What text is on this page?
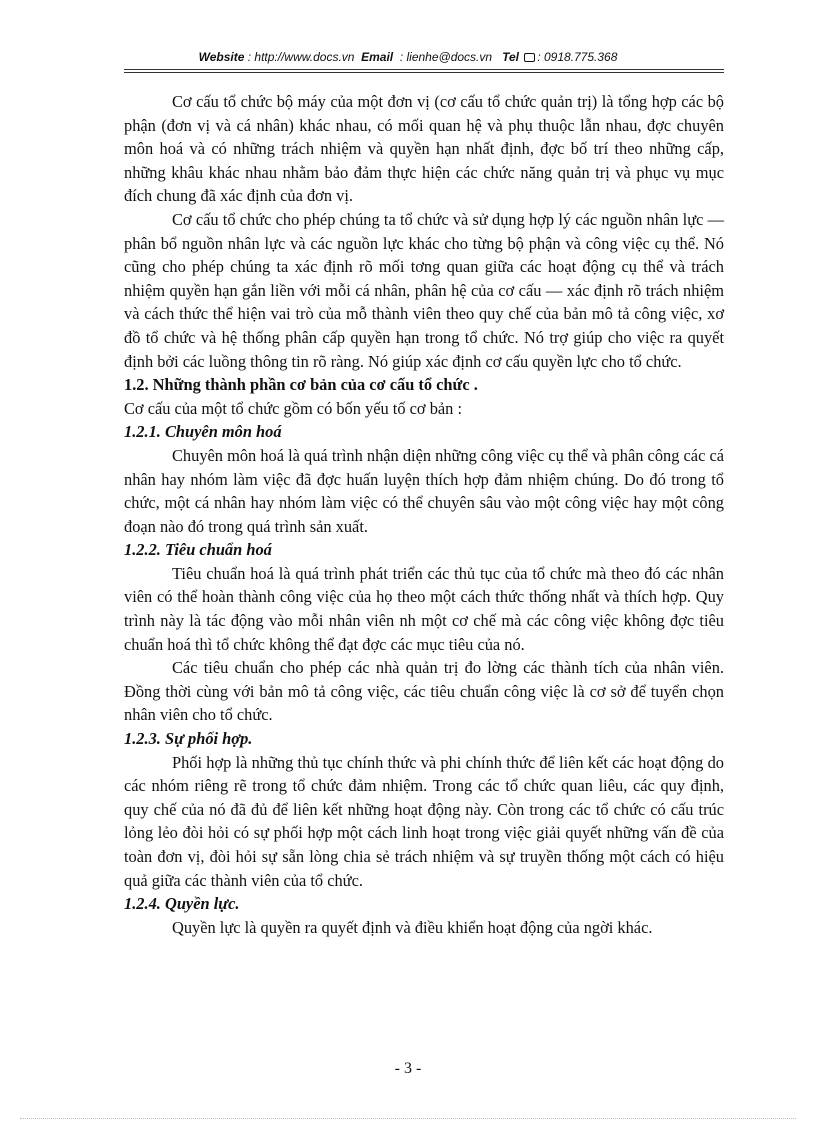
Website : http://www.docs.vn Email : lienhe@docs.vn Tel : 0918.775.368

Cơ cấu tổ chức bộ máy của một đơn vị (cơ cấu tổ chức quản trị) là tổng hợp các bộ phận (đơn vị và cá nhân) khác nhau, có mối quan hệ và phụ thuộc lẫn nhau, đợc chuyên môn hoá và có những trách nhiệm và quyền hạn nhất định, đợc bố trí theo những cấp, những khâu khác nhau nhằm bảo đảm thực hiện các chức năng quản trị và phục vụ mục đích chung đã xác định của đơn vị.

Cơ cấu tổ chức cho phép chúng ta tổ chức và sử dụng hợp lý các nguồn nhân lực — phân bổ nguồn nhân lực và các nguồn lực khác cho từng bộ phận và công việc cụ thể. Nó cũng cho phép chúng ta xác định rõ mối tơng quan giữa các hoạt động cụ thể và trách nhiệm quyền hạn gắn liền với mỗi cá nhân, phân hệ của cơ cấu — xác định rõ trách nhiệm và cách thức thể hiện vai trò của mỗ thành viên theo quy chế của bản mô tả công việc, xơ đồ tổ chức và hệ thống phân cấp quyền hạn trong tổ chức. Nó trợ giúp cho việc ra quyết định bởi các luồng thông tin rõ ràng. Nó giúp xác định cơ cấu quyền lực cho tổ chức.

1.2. Những thành phần cơ bản của cơ cấu tổ chức .

Cơ cấu của một tổ chức gồm có bốn yếu tố cơ bản :

1.2.1. Chuyên môn hoá

Chuyên môn hoá là quá trình nhận diện những công việc cụ thể và phân công các cá nhân hay nhóm làm việc đã đợc huấn luyện thích hợp đảm nhiệm chúng. Do đó trong tổ chức, một cá nhân hay nhóm làm việc có thể chuyên sâu vào một công việc hay một công đoạn nào đó trong quá trình sản xuất.

1.2.2. Tiêu chuẩn hoá

Tiêu chuẩn hoá là quá trình phát triển các thủ tục của tổ chức mà theo đó các nhân viên có thể hoàn thành công việc của họ theo một cách thức thống nhất và thích hợp. Quy trình này là tác động vào mỗi nhân viên nh một cơ chế mà các công việc không đợc tiêu chuẩn hoá thì tổ chức không thể đạt đợc các mục tiêu của nó.

Các tiêu chuẩn cho phép các nhà quản trị đo lờng các thành tích của nhân viên. Đồng thời cùng với bản mô tả công việc, các tiêu chuẩn công việc là cơ sở để tuyển chọn nhân viên cho tổ chức.

1.2.3. Sự phối hợp.

Phối hợp là những thủ tục chính thức và phi chính thức để liên kết các hoạt động do các nhóm riêng rẽ trong tổ chức đảm nhiệm. Trong các tổ chức quan liêu, các quy định, quy chế của nó đã đủ để liên kết những hoạt động này. Còn trong các tổ chức có cấu trúc lỏng lẻo đòi hỏi có sự phối hợp một cách linh hoạt trong việc giải quyết những vấn đề của toàn đơn vị, đòi hỏi sự sẵn lòng chia sẻ trách nhiệm và sự truyền thống một cách có hiệu quả giữa các thành viên của tổ chức.

1.2.4. Quyền lực.

Quyền lực là quyền ra quyết định và điều khiển hoạt động của ngời khác.

- 3 -
